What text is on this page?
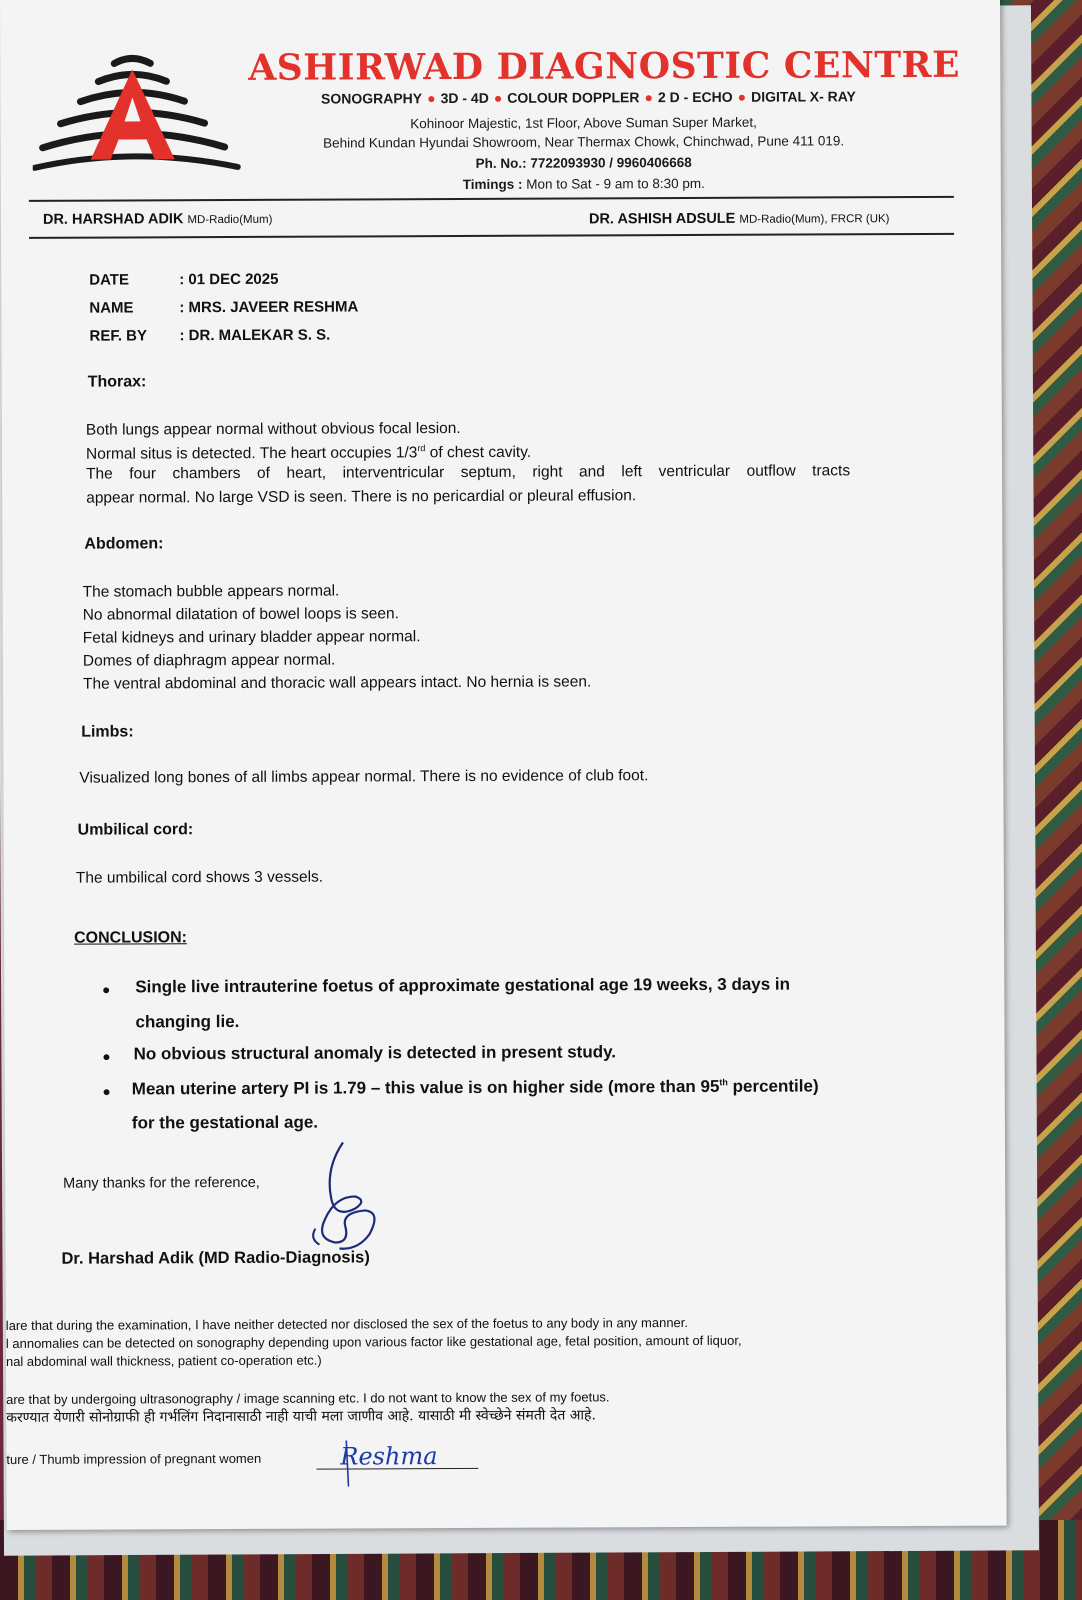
ASHIRWAD DIAGNOSTIC CENTRE
SONOGRAPHY ● 3D - 4D ● COLOUR DOPPLER ● 2 D - ECHO ● DIGITAL X- RAY
Kohinoor Majestic, 1st Floor, Above Suman Super Market,
Behind Kundan Hyundai Showroom, Near Thermax Chowk, Chinchwad, Pune 411 019.
Ph. No.: 7722093930 / 9960406668
Timings : Mon to Sat - 9 am to 8:30 pm.
DR. HARSHAD ADIK MD-Radio(Mum)	DR. ASHISH ADSULE MD-Radio(Mum), FRCR (UK)
DATE	: 01 DEC 2025
NAME	: MRS. JAVEER RESHMA
REF. BY : DR. MALEKAR S. S.
Thorax:
Both lungs appear normal without obvious focal lesion.
Normal situs is detected. The heart occupies 1/3rd of chest cavity.
The four chambers of heart, interventricular septum, right and left ventricular outflow tracts
appear normal. No large VSD is seen. There is no pericardial or pleural effusion.
Abdomen:
The stomach bubble appears normal.
No abnormal dilatation of bowel loops is seen.
Fetal kidneys and urinary bladder appear normal.
Domes of diaphragm appear normal.
The ventral abdominal and thoracic wall appears intact. No hernia is seen.
Limbs:
Visualized long bones of all limbs appear normal. There is no evidence of club foot.
Umbilical cord:
The umbilical cord shows 3 vessels.
CONCLUSION:
• Single live intrauterine foetus of approximate gestational age 19 weeks, 3 days in
changing lie.
• No obvious structural anomaly is detected in present study.
• Mean uterine artery PI is 1.79 – this value is on higher side (more than 95th percentile)
for the gestational age.
Many thanks for the reference,
Dr. Harshad Adik (MD Radio-Diagnosis)
lare that during the examination, I have neither detected nor disclosed the sex of the foetus to any body in any manner.
l annomalies can be detected on sonography depending upon various factor like gestational age, fetal position, amount of liquor,
nal abdominal wall thickness, patient co-operation etc.)
are that by undergoing ultrasonography / image scanning etc. I do not want to know the sex of my foetus.
करण्यात येणारी सोनोग्राफी ही गर्भलिंग निदानासाठी नाही याची मला जाणीव आहे. यासाठी मी स्वेच्छेने संमती देत आहे.
ture / Thumb impression of pregnant women	Reshma
